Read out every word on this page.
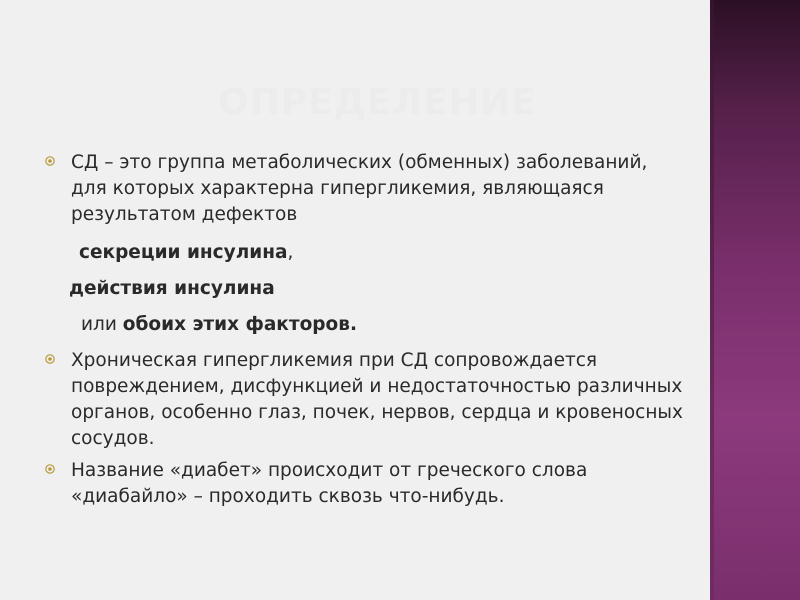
ОПРЕДЕЛЕНИЕ
СД – это группа метаболических (обменных) заболеваний, для которых характерна гипергликемия, являющаяся результатом дефектов
секреции инсулина,
действия инсулина
или обоих этих факторов.
Хроническая гипергликемия при СД сопровождается повреждением, дисфункцией и недостаточностью различных органов, особенно глаз, почек, нервов, сердца и кровеносных сосудов.
Название «диабет» происходит от греческого слова «диабайло» – проходить сквозь что-нибудь.
